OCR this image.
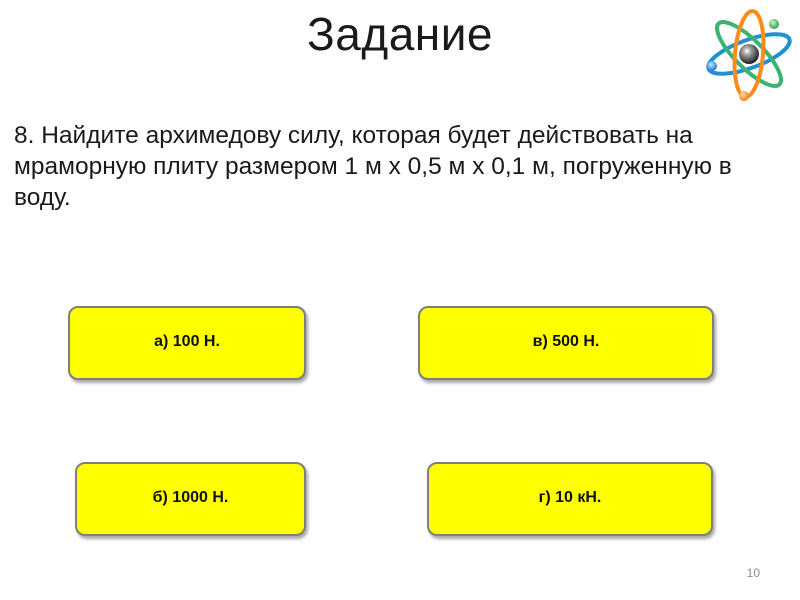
Задание
8. Найдите архимедову силу, которая будет действовать на мраморную плиту размером 1 м х 0,5 м х 0,1 м, погруженную в воду.
а) 100 Н.	в) 500 Н.
б) 1000 Н.	г) 10 кН.
10
